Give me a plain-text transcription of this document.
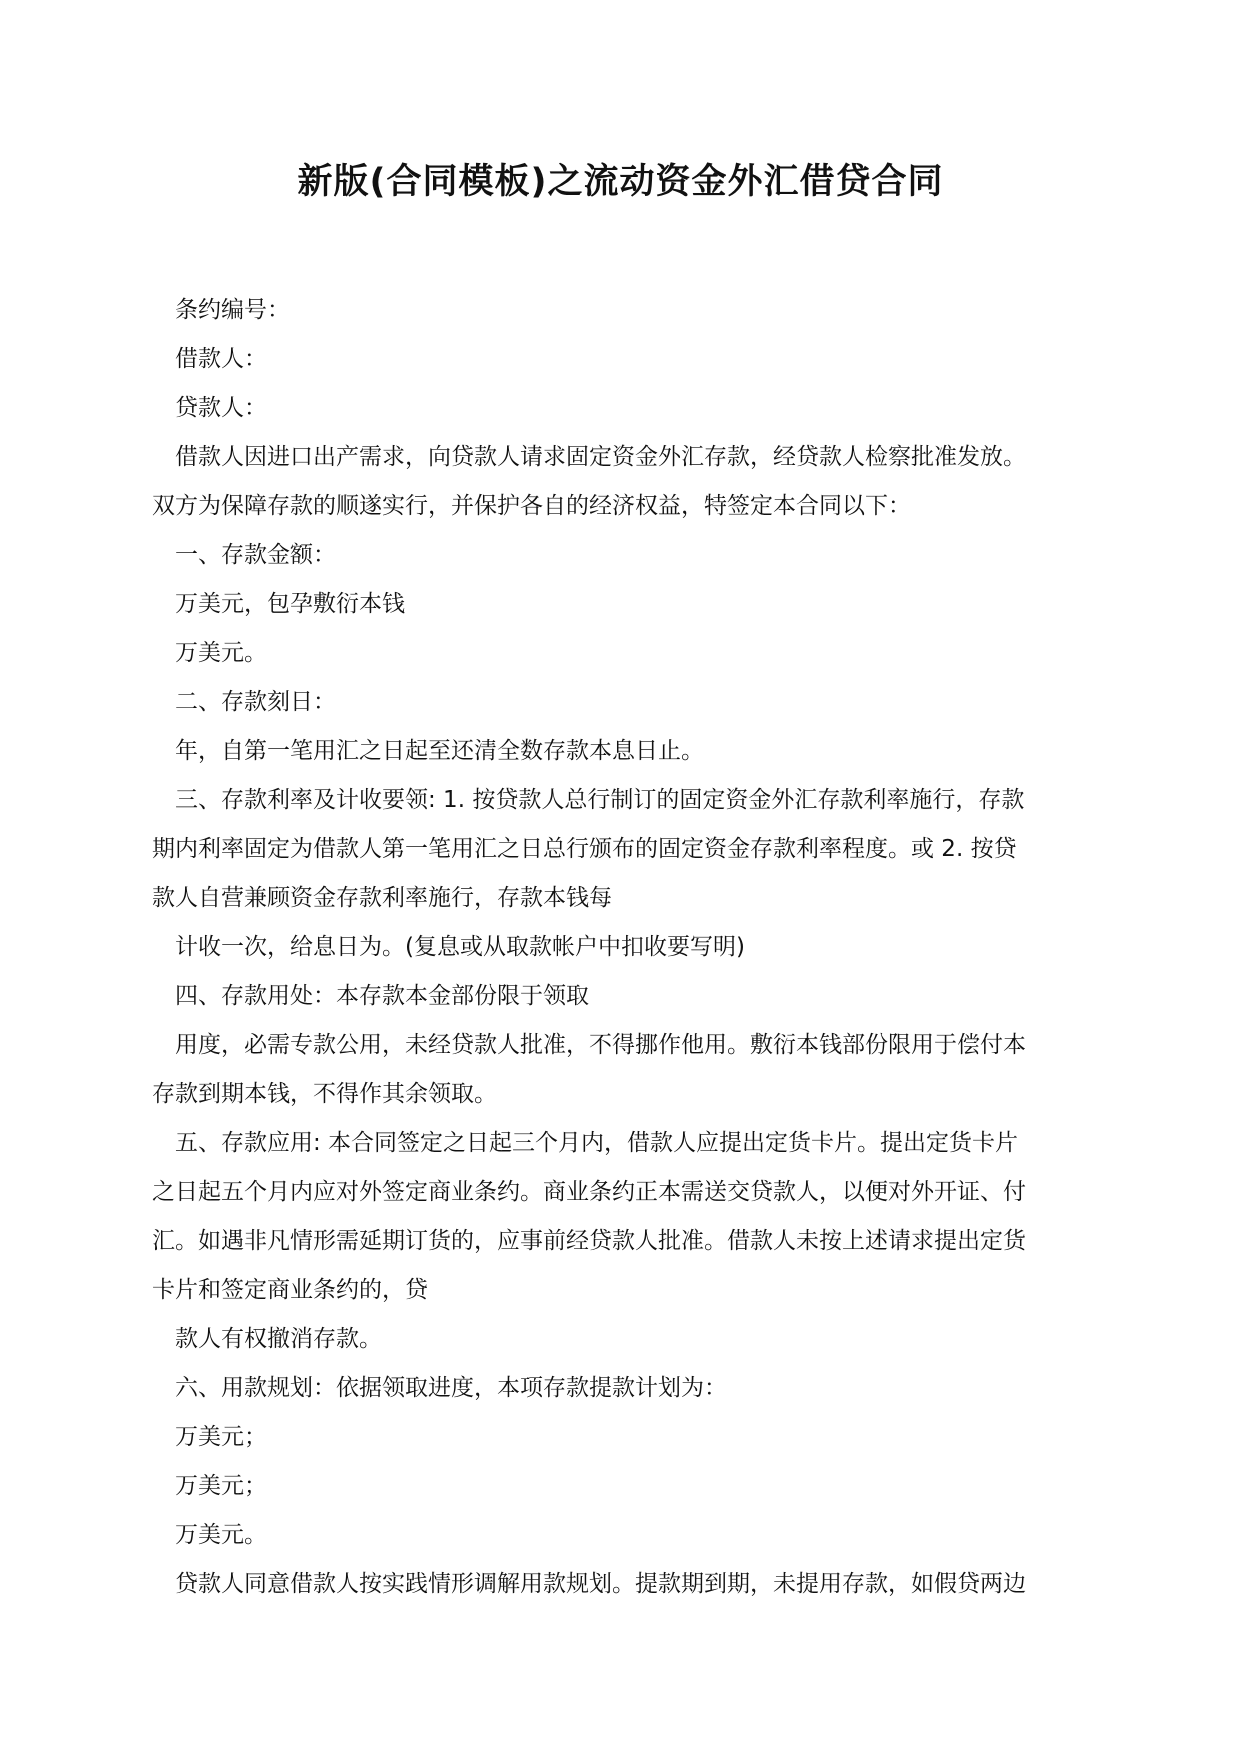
新版(合同模板)之流动资金外汇借贷合同

条约编号：

借款人：

贷款人：

借款人因进口出产需求，向贷款人请求固定资金外汇存款，经贷款人检察批准发放。

双方为保障存款的顺遂实行，并保护各自的经济权益，特签定本合同以下：

一、存款金额：

万美元，包孕敷衍本钱

万美元。

二、存款刻日：

年，自第一笔用汇之日起至还清全数存款本息日止。

三、存款利率及计收要领: 1. 按贷款人总行制订的固定资金外汇存款利率施行，存款

期内利率固定为借款人第一笔用汇之日总行颁布的固定资金存款利率程度。或 2. 按贷

款人自营兼顾资金存款利率施行，存款本钱每

计收一次，给息日为。(复息或从取款帐户中扣收要写明)

四、存款用处：本存款本金部份限于领取

用度，必需专款公用，未经贷款人批准，不得挪作他用。敷衍本钱部份限用于偿付本

存款到期本钱，不得作其余领取。

五、存款应用: 本合同签定之日起三个月内，借款人应提出定货卡片。提出定货卡片

之日起五个月内应对外签定商业条约。商业条约正本需送交贷款人，以便对外开证、付

汇。如遇非凡情形需延期订货的，应事前经贷款人批准。借款人未按上述请求提出定货

卡片和签定商业条约的，贷

款人有权撤消存款。

六、用款规划：依据领取进度，本项存款提款计划为：

万美元；

万美元；

万美元。

贷款人同意借款人按实践情形调解用款规划。提款期到期，未提用存款，如假贷两边
